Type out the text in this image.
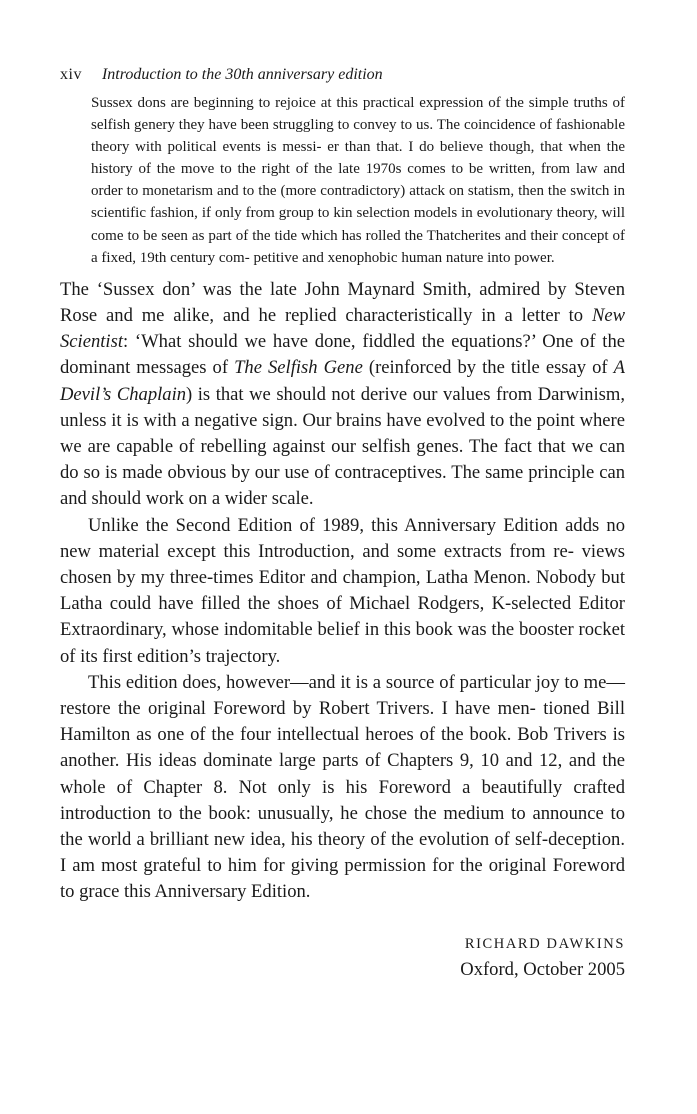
xiv Introduction to the 30th anniversary edition
Sussex dons are beginning to rejoice at this practical expression of the simple truths of selfish genery they have been struggling to convey to us. The coincidence of fashionable theory with political events is messi- er than that. I do believe though, that when the history of the move to the right of the late 1970s comes to be written, from law and order to monetarism and to the (more contradictory) attack on statism, then the switch in scientific fashion, if only from group to kin selection models in evolutionary theory, will come to be seen as part of the tide which has rolled the Thatcherites and their concept of a fixed, 19th century com- petitive and xenophobic human nature into power.

The ‘Sussex don’ was the late John Maynard Smith, admired by Steven Rose and me alike, and he replied characteristically in a letter to New Scientist: ‘What should we have done, fiddled the equations?’ One of the dominant messages of The Selfish Gene (reinforced by the title essay of A Devil’s Chaplain) is that we should not derive our values from Darwinism, unless it is with a negative sign. Our brains have evolved to the point where we are capable of rebelling against our selfish genes. The fact that we can do so is made obvious by our use of contraceptives. The same principle can and should work on a wider scale.

Unlike the Second Edition of 1989, this Anniversary Edition adds no new material except this Introduction, and some extracts from re- views chosen by my three-times Editor and champion, Latha Menon. Nobody but Latha could have filled the shoes of Michael Rodgers, K-selected Editor Extraordinary, whose indomitable belief in this book was the booster rocket of its first edition’s trajectory.

This edition does, however—and it is a source of particular joy to me—restore the original Foreword by Robert Trivers. I have men- tioned Bill Hamilton as one of the four intellectual heroes of the book. Bob Trivers is another. His ideas dominate large parts of Chapters 9, 10 and 12, and the whole of Chapter 8. Not only is his Foreword a beautifully crafted introduction to the book: unusually, he chose the medium to announce to the world a brilliant new idea, his theory of the evolution of self-deception. I am most grateful to him for giving permission for the original Foreword to grace this Anniversary Edition.

RICHARD DAWKINS
Oxford, October 2005
